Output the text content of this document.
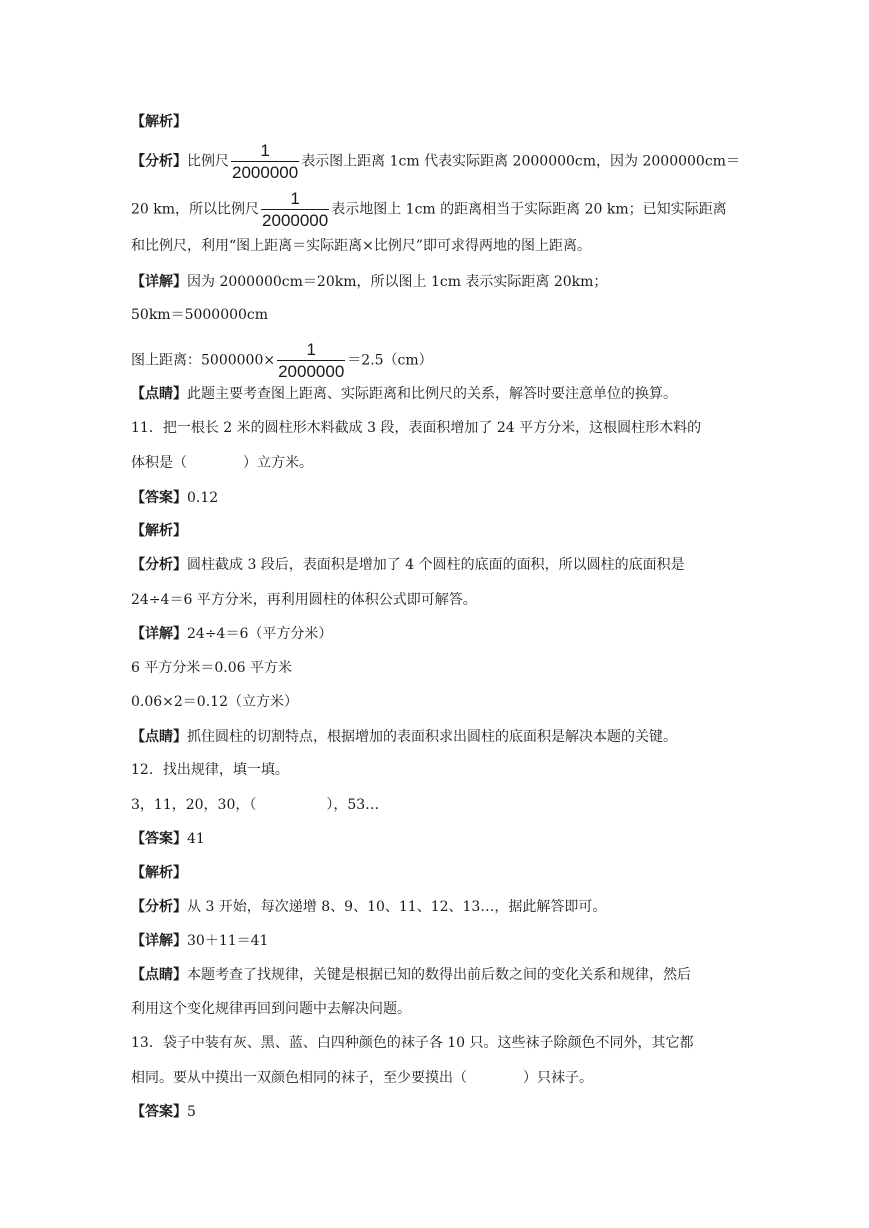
【解析】
【分析】比例尺 $\frac{1}{2000000}$ 表示图上距离 1cm 代表实际距离 2000000cm，因为 2000000cm＝
20 km，所以比例尺 $\frac{1}{2000000}$ 表示地图上 1cm 的距离相当于实际距离 20 km；已知实际距离
和比例尺，利用“图上距离＝实际距离×比例尺”即可求得两地的图上距离。
【详解】因为 2000000cm＝20km，所以图上 1cm 表示实际距离 20km；
50km＝5000000cm
图上距离：$5000000\times \frac{1}{2000000} =2.5(cm)$
【点睛】此题主要考查图上距离、实际距离和比例尺的关系，解答时要注意单位的换算。
11．把一根长 2 米的圆柱形木料截成 3 段，表面积增加了 24 平方分米，这根圆柱形木料的
体积是（	）立方米。
【答案】0.12
【解析】
【分析】圆柱截成 3 段后，表面积是增加了 4 个圆柱的底面的面积，所以圆柱的底面积是
24÷4＝6 平方分米，再利用圆柱的体积公式即可解答。
【详解】24÷4＝6（平方分米）
6 平方分米＝0.06 平方米
0.06×2＝0.12（立方米）
【点睛】抓住圆柱的切割特点，根据增加的表面积求出圆柱的底面积是解决本题的关键。
12．找出规律，填一填。
3，11，20，30，（	），53…
【答案】41
【解析】
【分析】从 3 开始，每次递增 8、9、10、11、12、13…，据此解答即可。
【详解】30＋11＝41
【点睛】本题考查了找规律，关键是根据已知的数得出前后数之间的变化关系和规律，然后
利用这个变化规律再回到问题中去解决问题。
13．袋子中装有灰、黑、蓝、白四种颜色的袜子各 10 只。这些袜子除颜色不同外，其它都
相同。要从中摸出一双颜色相同的袜子，至少要摸出（	）只袜子。
【答案】5
